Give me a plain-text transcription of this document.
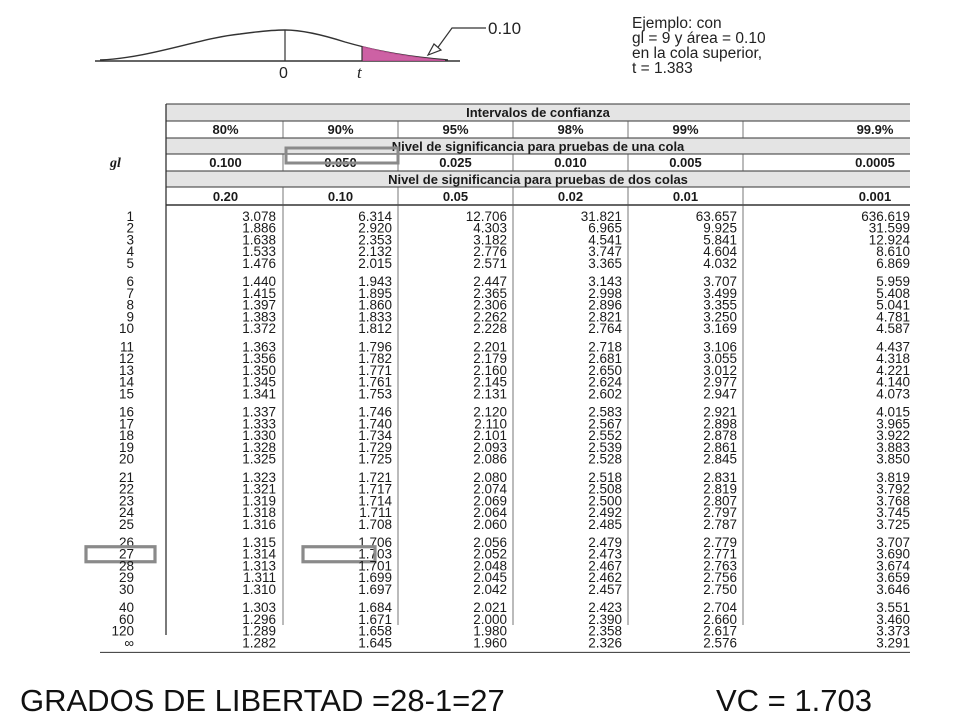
0.10
0	t
Ejemplo: con
gl = 9 y área = 0.10
en la cola superior,
t = 1.383
Intervalos de confianza
Nivel de significancia para pruebas de una cola
Nivel de significancia para pruebas de dos colas
80%	90%	95%	98%	99%	99.9%
0.100	0.050	0.025	0.010	0.005	0.0005
0.20	0.10	0.05	0.02	0.01	0.001
gl
1	3.078	6.314	12.706	31.821	63.657	636.619
2	1.886	2.920	4.303	6.965	9.925	31.599
3	1.638	2.353	3.182	4.541	5.841	12.924
4	1.533	2.132	2.776	3.747	4.604	8.610
5	1.476	2.015	2.571	3.365	4.032	6.869
6	1.440	1.943	2.447	3.143	3.707	5.959
7	1.415	1.895	2.365	2.998	3.499	5.408
8	1.397	1.860	2.306	2.896	3.355	5.041
9	1.383	1.833	2.262	2.821	3.250	4.781
10	1.372	1.812	2.228	2.764	3.169	4.587
11	1.363	1.796	2.201	2.718	3.106	4.437
12	1.356	1.782	2.179	2.681	3.055	4.318
13	1.350	1.771	2.160	2.650	3.012	4.221
14	1.345	1.761	2.145	2.624	2.977	4.140
15	1.341	1.753	2.131	2.602	2.947	4.073
16	1.337	1.746	2.120	2.583	2.921	4.015
17	1.333	1.740	2.110	2.567	2.898	3.965
18	1.330	1.734	2.101	2.552	2.878	3.922
19	1.328	1.729	2.093	2.539	2.861	3.883
20	1.325	1.725	2.086	2.528	2.845	3.850
21	1.323	1.721	2.080	2.518	2.831	3.819
22	1.321	1.717	2.074	2.508	2.819	3.792
23	1.319	1.714	2.069	2.500	2.807	3.768
24	1.318	1.711	2.064	2.492	2.797	3.745
25	1.316	1.708	2.060	2.485	2.787	3.725
26	1.315	1.706	2.056	2.479	2.779	3.707
27	1.314	1.703	2.052	2.473	2.771	3.690
28	1.313	1.701	2.048	2.467	2.763	3.674
29	1.311	1.699	2.045	2.462	2.756	3.659
30	1.310	1.697	2.042	2.457	2.750	3.646
40	1.303	1.684	2.021	2.423	2.704	3.551
60	1.296	1.671	2.000	2.390	2.660	3.460
120	1.289	1.658	1.980	2.358	2.617	3.373
∞	1.282	1.645	1.960	2.326	2.576	3.291
GRADOS DE LIBERTAD =28-1=27	VC = 1.703
